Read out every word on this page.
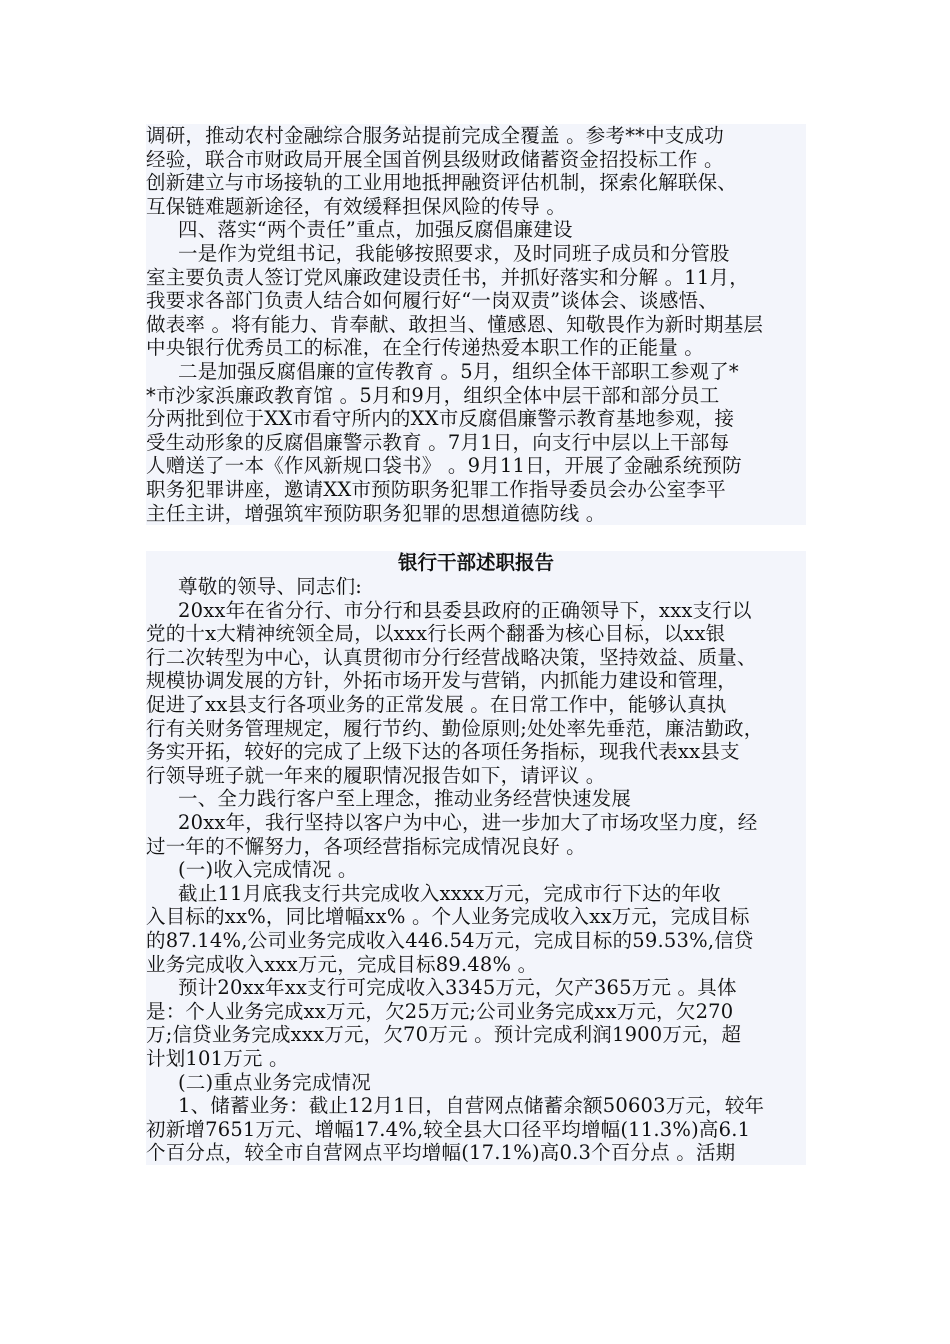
调研，推动农村金融综合服务站提前完成全覆盖 。参考**中支成功
经验，联合市财政局开展全国首例县级财政储蓄资金招投标工作 。
创新建立与市场接轨的工业用地抵押融资评估机制，探索化解联保、
互保链难题新途径，有效缓释担保风险的传导 。
四、落实“两个责任”重点，加强反腐倡廉建设
一是作为党组书记，我能够按照要求，及时同班子成员和分管股
室主要负责人签订党风廉政建设责任书，并抓好落实和分解 。11月，
我要求各部门负责人结合如何履行好“一岗双责”谈体会、谈感悟、
做表率 。将有能力、肯奉献、敢担当、懂感恩、知敬畏作为新时期基层
中央银行优秀员工的标准，在全行传递热爱本职工作的正能量 。
二是加强反腐倡廉的宣传教育 。5月，组织全体干部职工参观了*
*市沙家浜廉政教育馆 。5月和9月，组织全体中层干部和部分员工
分两批到位于XX市看守所内的XX市反腐倡廉警示教育基地参观，接
受生动形象的反腐倡廉警示教育 。7月1日，向支行中层以上干部每
人赠送了一本《作风新规口袋书》 。9月11日，开展了金融系统预防
职务犯罪讲座，邀请XX市预防职务犯罪工作指导委员会办公室李平
主任主讲，增强筑牢预防职务犯罪的思想道德防线 。
银行干部述职报告
尊敬的领导、同志们:
20xx年在省分行、市分行和县委县政府的正确领导下，xxx支行以
党的十x大精神统领全局，以xxx行长两个翻番为核心目标，以xx银
行二次转型为中心，认真贯彻市分行经营战略决策，坚持效益、质量、
规模协调发展的方针，外拓市场开发与营销，内抓能力建设和管理，
促进了xx县支行各项业务的正常发展 。在日常工作中，能够认真执
行有关财务管理规定，履行节约、勤俭原则;处处率先垂范，廉洁勤政，
务实开拓，较好的完成了上级下达的各项任务指标，现我代表xx县支
行领导班子就一年来的履职情况报告如下，请评议 。
一、全力践行客户至上理念，推动业务经营快速发展
20xx年，我行坚持以客户为中心，进一步加大了市场攻坚力度，经
过一年的不懈努力，各项经营指标完成情况良好 。
(一)收入完成情况 。
截止11月底我支行共完成收入xxxx万元，完成市行下达的年收
入目标的xx%，同比增幅xx% 。个人业务完成收入xx万元，完成目标
的87.14%,公司业务完成收入446.54万元，完成目标的59.53%,信贷
业务完成收入xxx万元，完成目标89.48% 。
预计20xx年xx支行可完成收入3345万元，欠产365万元 。具体
是：个人业务完成xx万元，欠25万元;公司业务完成xx万元，欠270
万;信贷业务完成xxx万元，欠70万元 。预计完成利润1900万元，超
计划101万元 。
(二)重点业务完成情况
1、储蓄业务：截止12月1日，自营网点储蓄余额50603万元，较年
初新增7651万元、增幅17.4%,较全县大口径平均增幅(11.3%)高6.1
个百分点，较全市自营网点平均增幅(17.1%)高0.3个百分点 。活期
